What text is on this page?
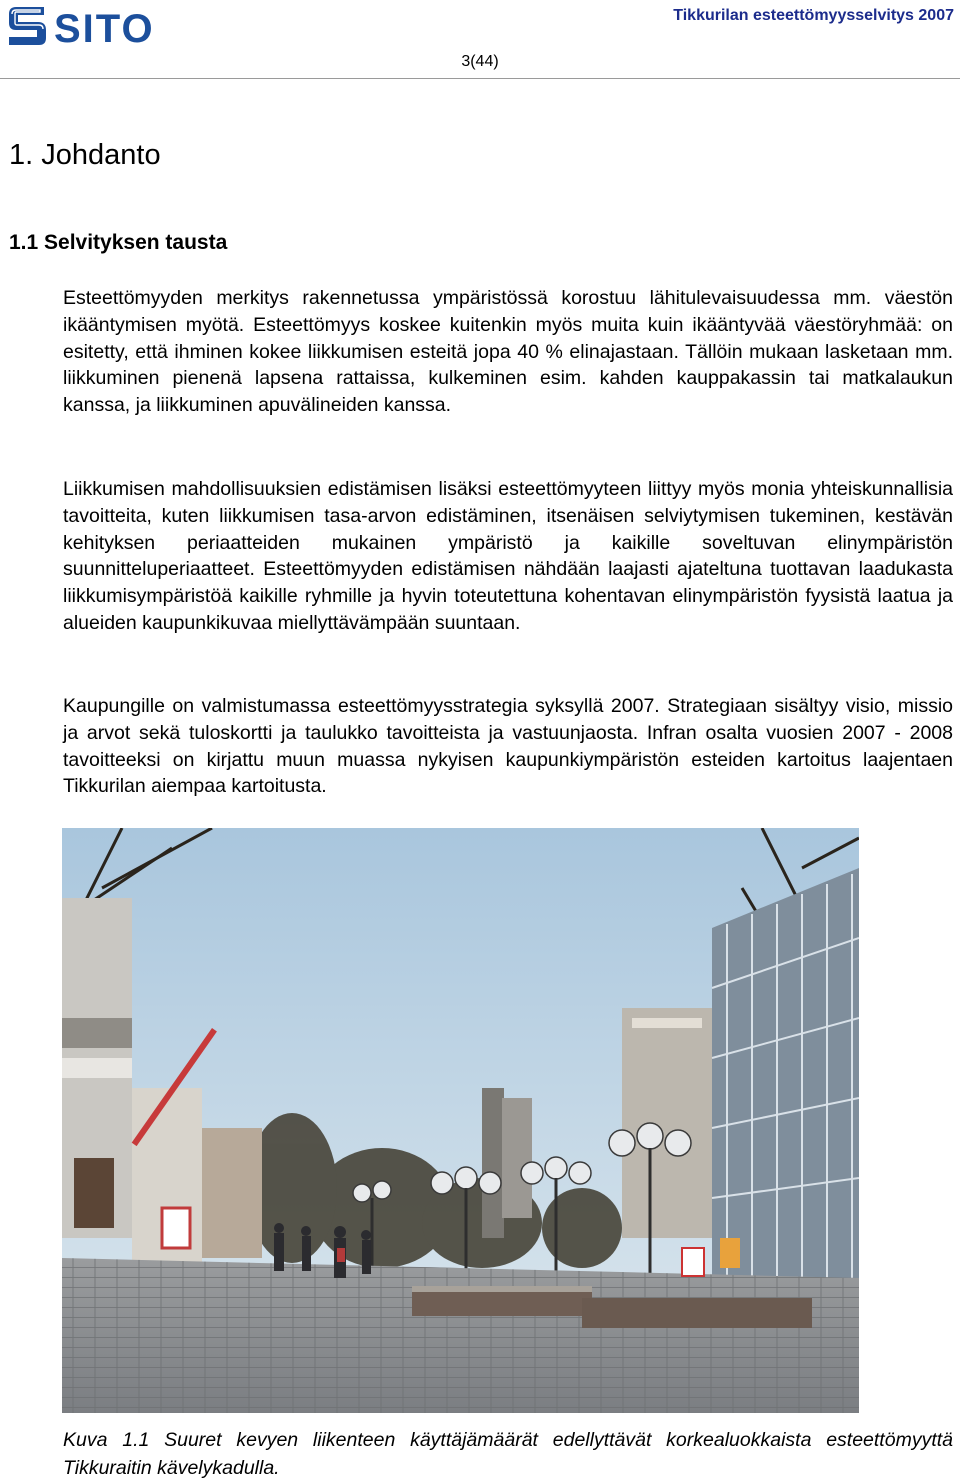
SITO	Tikkurilan esteettömyysselvitys 2007
3(44)
1. Johdanto
1.1 Selvityksen tausta

Esteettömyyden merkitys rakennetussa ympäristössä korostuu lähitulevaisuudessa mm. väestön ikääntymisen myötä. Esteettömyys koskee kuitenkin myös muita kuin ikääntyvää väestöryhmää: on esitetty, että ihminen kokee liikkumisen esteitä jopa 40 % elinajastaan. Tällöin mukaan lasketaan mm. liikkuminen pienenä lapsena rattaissa, kulkeminen esim. kahden kauppakassin tai matkalaukun kanssa, ja liikkuminen apuvälineiden kanssa.

Liikkumisen mahdollisuuksien edistämisen lisäksi esteettömyyteen liittyy myös monia yhteiskunnallisia tavoitteita, kuten liikkumisen tasa-arvon edistäminen, itsenäisen selviytymisen tukeminen, kestävän kehityksen periaatteiden mukainen ympäristö ja kaikille soveltuvan elinympäristön suunnitteluperiaatteet. Esteettömyyden edistämisen nähdään laajasti ajateltuna tuottavan laadukasta liikkumisympäristöä kaikille ryhmille ja hyvin toteutettuna kohentavan elinympäristön fyysistä laatua ja alueiden kaupunkikuvaa miellyttävämpään suuntaan.

Kaupungille on valmistumassa esteettömyysstrategia syksyllä 2007. Strategiaan sisältyy visio, missio ja arvot sekä tuloskortti ja taulukko tavoitteista ja vastuunjaosta. Infran osalta vuosien 2007 - 2008 tavoitteeksi on kirjattu muun muassa nykyisen kaupunkiympäristön esteiden kartoitus laajentaen Tikkurilan aiempaa kartoitusta.

Kuva 1.1 Suuret kevyen liikenteen käyttäjämäärät edellyttävät korkealuokkaista esteettömyyttä Tikkuraitin kävelykadulla.
